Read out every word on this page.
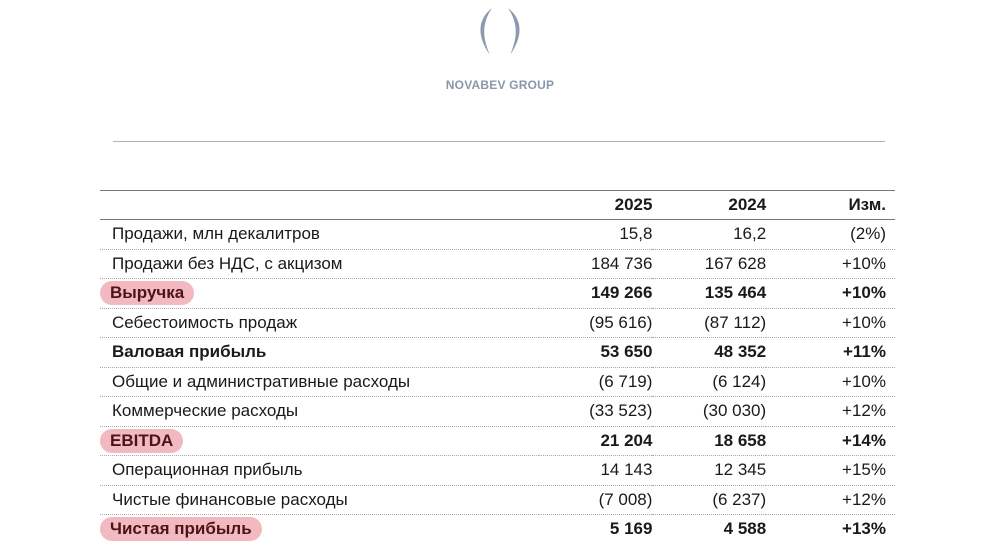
NOVABEV GROUP
	2025	2024	Изм.
Продажи, млн декалитров	15,8	16,2	(2%)
Продажи без НДС, с акцизом	184 736	167 628	+10%
Выручка	149 266	135 464	+10%
Себестоимость продаж	(95 616)	(87 112)	+10%
Валовая прибыль	53 650	48 352	+11%
Общие и административные расходы	(6 719)	(6 124)	+10%
Коммерческие расходы	(33 523)	(30 030)	+12%
EBITDA	21 204	18 658	+14%
Операционная прибыль	14 143	12 345	+15%
Чистые финансовые расходы	(7 008)	(6 237)	+12%
Чистая прибыль	5 169	4 588	+13%
